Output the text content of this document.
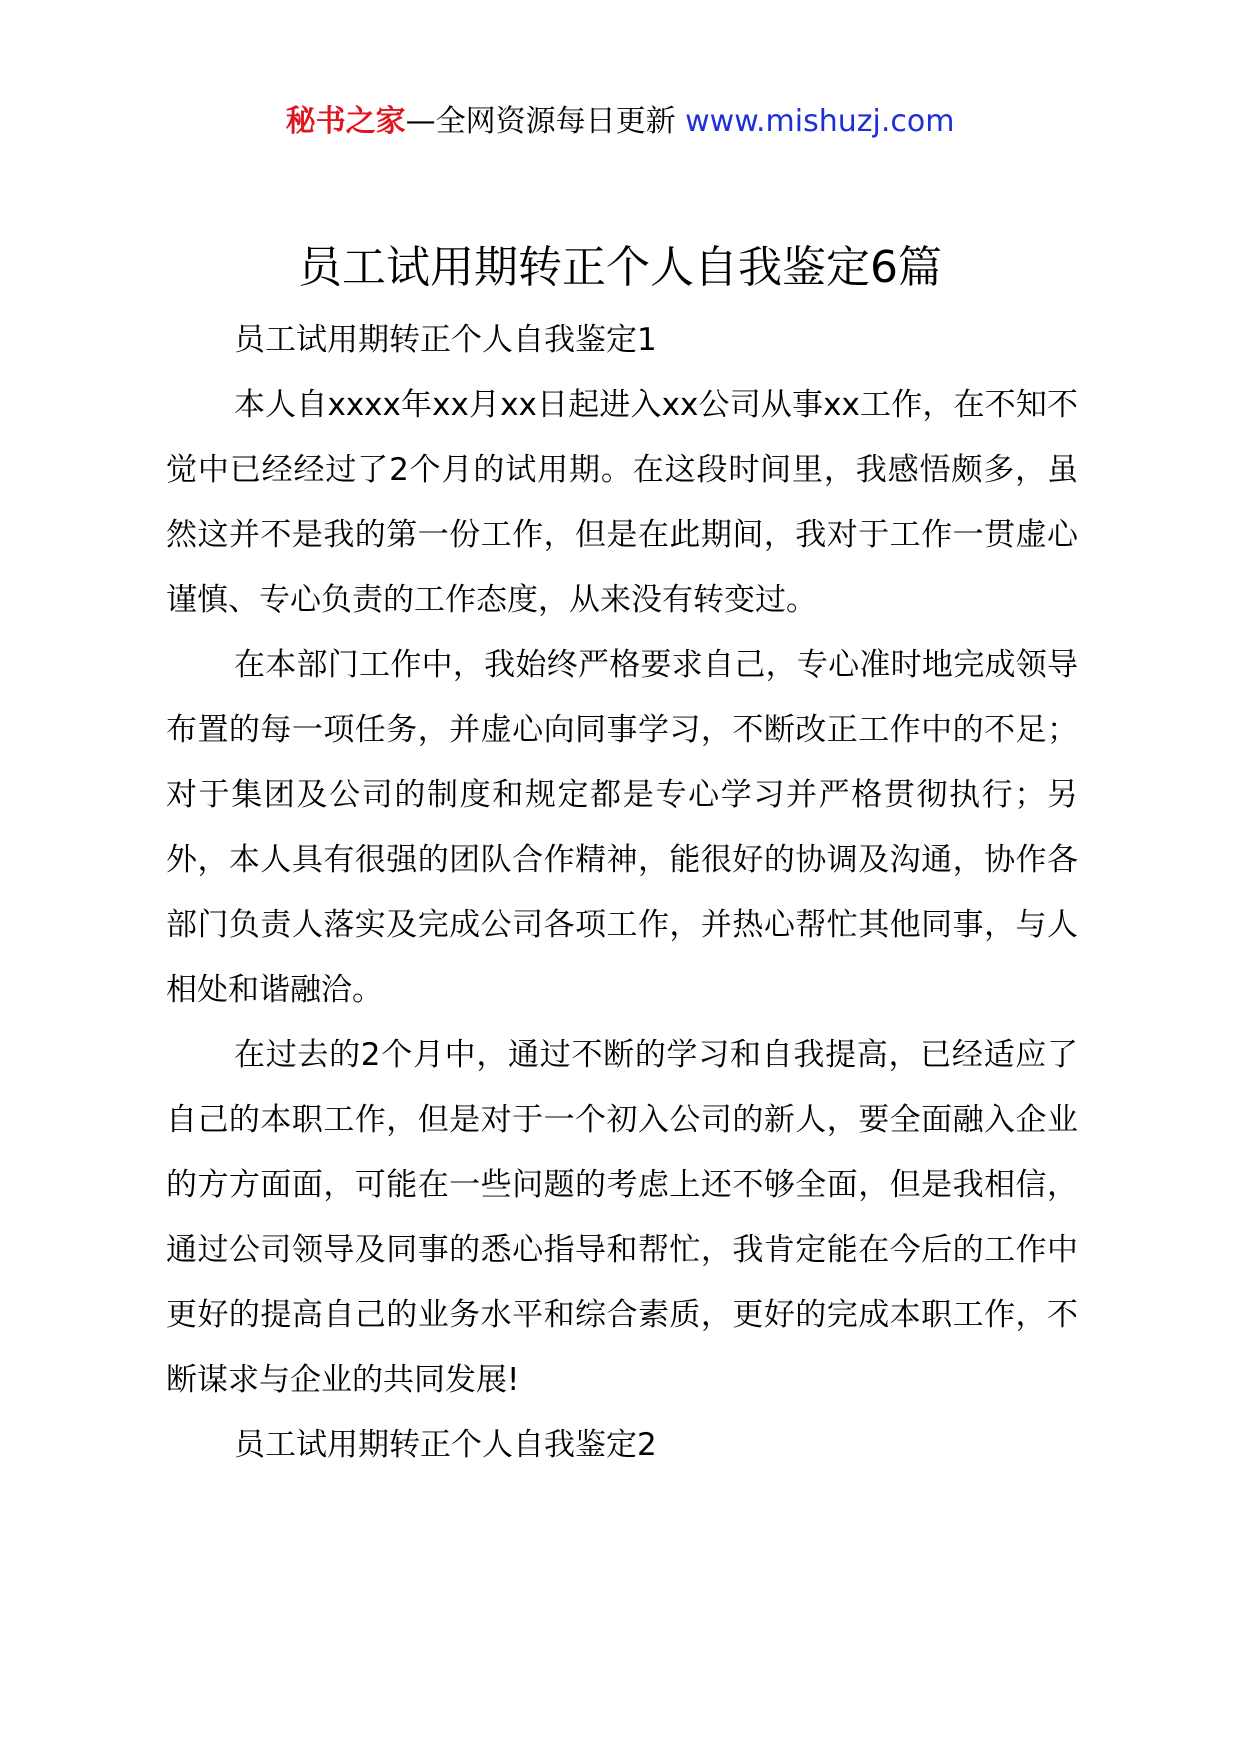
秘书之家—全网资源每日更新 www.mishuzj.com
员工试用期转正个人自我鉴定6篇

员工试用期转正个人自我鉴定1

本人自xxxx年xx月xx日起进入xx公司从事xx工作，在不知不觉中已经经过了2个月的试用期。在这段时间里，我感悟颇多，虽然这并不是我的第一份工作，但是在此期间，我对于工作一贯虚心谨慎、专心负责的工作态度，从来没有转变过。

在本部门工作中，我始终严格要求自己，专心准时地完成领导布置的每一项任务，并虚心向同事学习，不断改正工作中的不足；对于集团及公司的制度和规定都是专心学习并严格贯彻执行；另外，本人具有很强的团队合作精神，能很好的协调及沟通，协作各部门负责人落实及完成公司各项工作，并热心帮忙其他同事，与人相处和谐融洽。

在过去的2个月中，通过不断的学习和自我提高，已经适应了自己的本职工作，但是对于一个初入公司的新人，要全面融入企业的方方面面，可能在一些问题的考虑上还不够全面，但是我相信，通过公司领导及同事的悉心指导和帮忙，我肯定能在今后的工作中更好的提高自己的业务水平和综合素质，更好的完成本职工作，不断谋求与企业的共同发展!

员工试用期转正个人自我鉴定2
